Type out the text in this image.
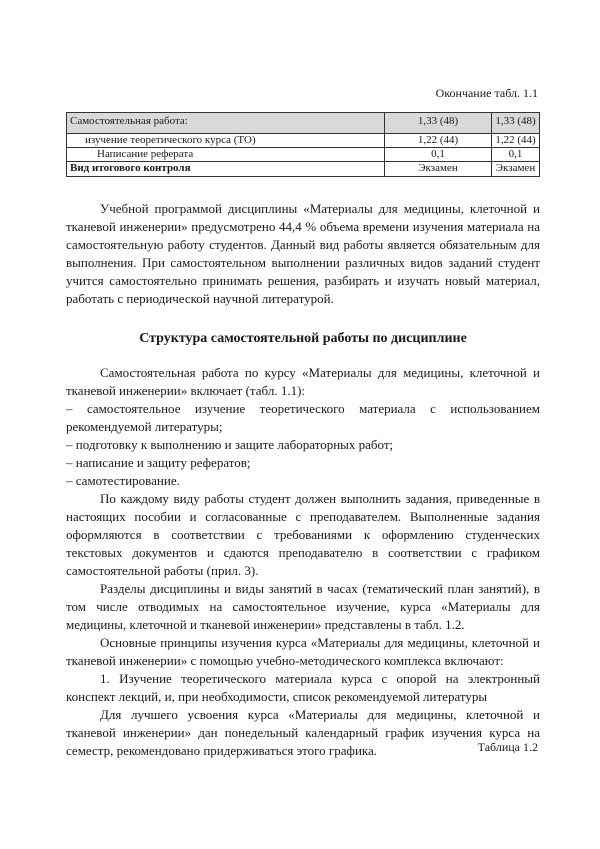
Окончание табл. 1.1
Самостоятельная работа:	1,33 (48)	1,33 (48)
изучение теоретического курса (ТО)	1,22 (44)	1,22 (44)
Написание реферата	0,1	0,1
Вид итогового контроля	Экзамен	Экзамен

Учебной программой дисциплины «Материалы для медицины, клеточной и тканевой инженерии» предусмотрено 44,4 % объема времени изучения материала на самостоятельную работу студентов. Данный вид работы является обязательным для выполнения. При самостоятельном выполнении различных видов заданий студент учится самостоятельно принимать решения, разбирать и изучать новый материал, работать с периодической научной литературой.

Структура самостоятельной работы по дисциплине

Самостоятельная работа по курсу «Материалы для медицины, клеточной и тканевой инженерии» включает (табл. 1.1):

– самостоятельное изучение теоретического материала с использованием рекомендуемой литературы;

– подготовку к выполнению и защите лабораторных работ;

– написание и защиту рефератов;

– самотестирование.

По каждому виду работы студент должен выполнить задания, приведенные в настоящих пособии и согласованные с преподавателем. Выполненные задания оформляются в соответствии с требованиями к оформлению студенческих текстовых документов и сдаются преподавателю в соответствии с графиком самостоятельной работы (прил. 3).

Разделы дисциплины и виды занятий в часах (тематический план занятий), в том числе отводимых на самостоятельное изучение, курса «Материалы для медицины, клеточной и тканевой инженерии» представлены в табл. 1.2.

Основные принципы изучения курса «Материалы для медицины, клеточной и тканевой инженерии» с помощью учебно-методического комплекса включают:

1. Изучение теоретического материала курса с опорой на электронный конспект лекций, и, при необходимости, список рекомендуемой литературы

Для лучшего усвоения курса «Материалы для медицины, клеточной и тканевой инженерии» дан понедельный календарный график изучения курса на семестр, рекомендовано придерживаться этого графика.	Таблица 1.2
